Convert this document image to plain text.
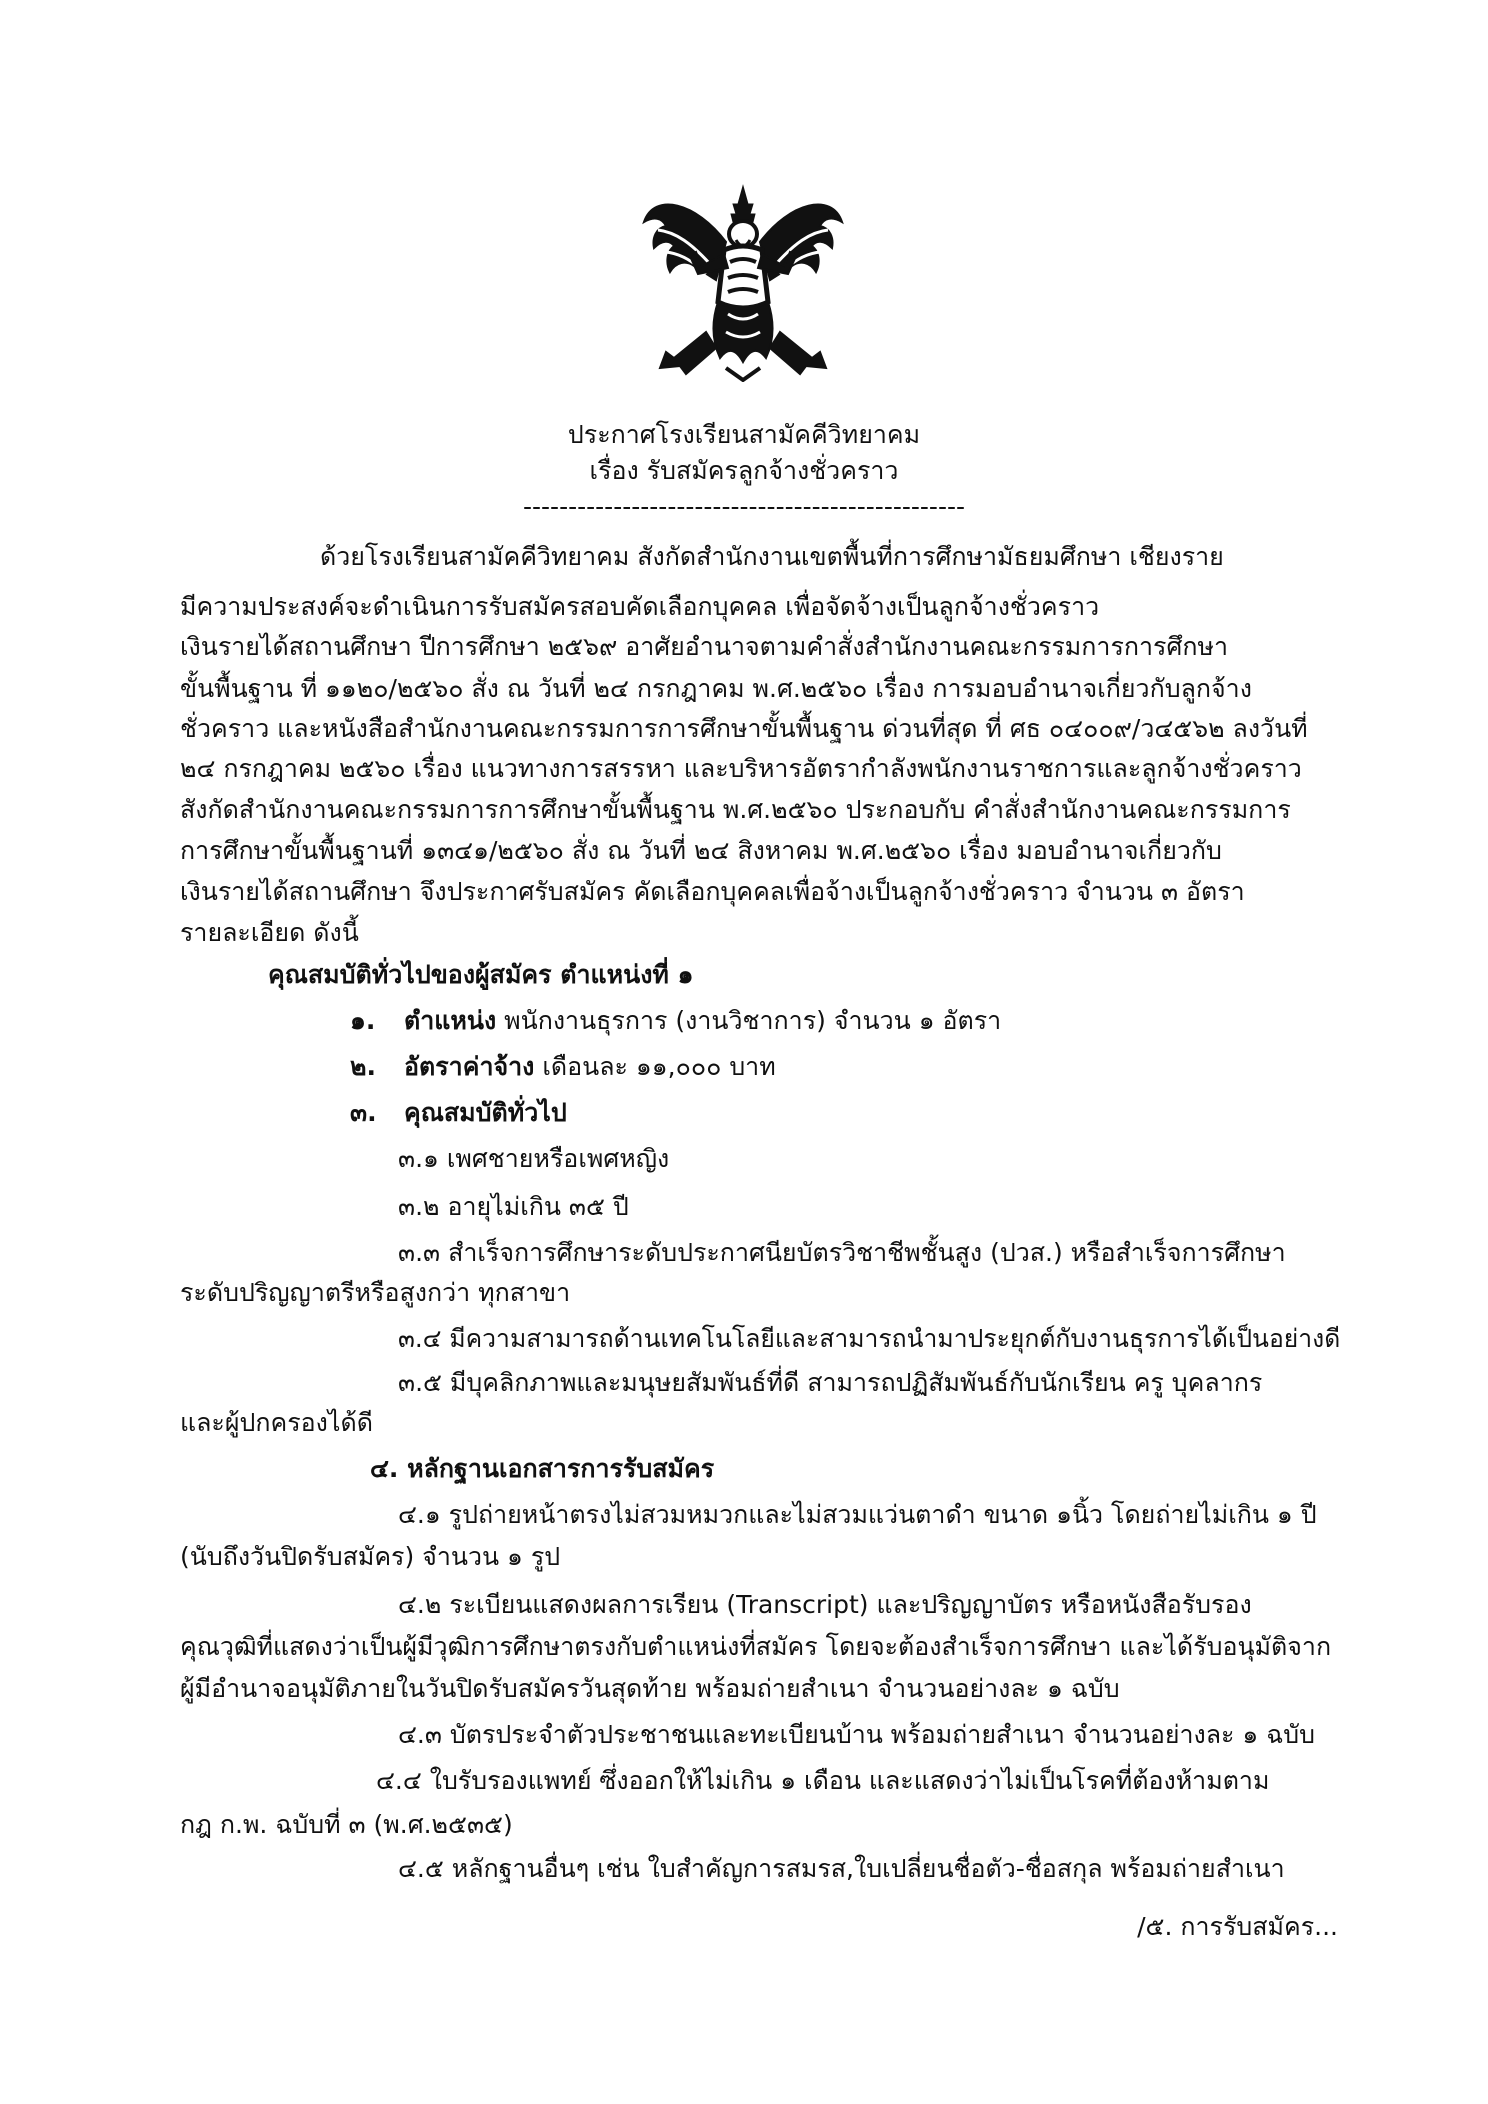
ประกาศโรงเรียนสามัคคีวิทยาคม
เรื่อง รับสมัครลูกจ้างชั่วคราว
-------------------------------------------------
ด้วยโรงเรียนสามัคคีวิทยาคม สังกัดสำนักงานเขตพื้นที่การศึกษามัธยมศึกษา เชียงราย
มีความประสงค์จะดำเนินการรับสมัครสอบคัดเลือกบุคคล เพื่อจัดจ้างเป็นลูกจ้างชั่วคราว
เงินรายได้สถานศึกษา ปีการศึกษา ๒๕๖๙ อาศัยอำนาจตามคำสั่งสำนักงานคณะกรรมการการศึกษา
ขั้นพื้นฐาน ที่ ๑๑๒๐/๒๕๖๐ สั่ง ณ วันที่ ๒๔ กรกฎาคม พ.ศ.๒๕๖๐ เรื่อง การมอบอำนาจเกี่ยวกับลูกจ้าง
ชั่วคราว และหนังสือสำนักงานคณะกรรมการการศึกษาขั้นพื้นฐาน ด่วนที่สุด ที่ ศธ ๐๔๐๐๙/ว๔๕๖๒ ลงวันที่
๒๔ กรกฎาคม ๒๕๖๐ เรื่อง แนวทางการสรรหา และบริหารอัตรากำลังพนักงานราชการและลูกจ้างชั่วคราว
สังกัดสำนักงานคณะกรรมการการศึกษาขั้นพื้นฐาน พ.ศ.๒๕๖๐ ประกอบกับ คำสั่งสำนักงานคณะกรรมการ
การศึกษาขั้นพื้นฐานที่ ๑๓๔๑/๒๕๖๐ สั่ง ณ วันที่ ๒๔ สิงหาคม พ.ศ.๒๕๖๐ เรื่อง มอบอำนาจเกี่ยวกับ
เงินรายได้สถานศึกษา จึงประกาศรับสมัคร คัดเลือกบุคคลเพื่อจ้างเป็นลูกจ้างชั่วคราว จำนวน ๓ อัตรา
รายละเอียด ดังนี้
คุณสมบัติทั่วไปของผู้สมัคร ตำแหน่งที่ ๑
๑. ตำแหน่ง พนักงานธุรการ (งานวิชาการ) จำนวน ๑ อัตรา
๒. อัตราค่าจ้าง เดือนละ ๑๑,๐๐๐ บาท
๓. คุณสมบัติทั่วไป
๓.๑ เพศชายหรือเพศหญิง
๓.๒ อายุไม่เกิน ๓๕ ปี
๓.๓ สำเร็จการศึกษาระดับประกาศนียบัตรวิชาชีพชั้นสูง (ปวส.) หรือสำเร็จการศึกษา
ระดับปริญญาตรีหรือสูงกว่า ทุกสาขา
๓.๔ มีความสามารถด้านเทคโนโลยีและสามารถนำมาประยุกต์กับงานธุรการได้เป็นอย่างดี
๓.๕ มีบุคลิกภาพและมนุษยสัมพันธ์ที่ดี สามารถปฏิสัมพันธ์กับนักเรียน ครู บุคลากร
และผู้ปกครองได้ดี
๔. หลักฐานเอกสารการรับสมัคร
๔.๑ รูปถ่ายหน้าตรงไม่สวมหมวกและไม่สวมแว่นตาดำ ขนาด ๑นิ้ว โดยถ่ายไม่เกิน ๑ ปี
(นับถึงวันปิดรับสมัคร) จำนวน ๑ รูป
๔.๒ ระเบียนแสดงผลการเรียน (Transcript) และปริญญาบัตร หรือหนังสือรับรอง
คุณวุฒิที่แสดงว่าเป็นผู้มีวุฒิการศึกษาตรงกับตำแหน่งที่สมัคร โดยจะต้องสำเร็จการศึกษา และได้รับอนุมัติจาก
ผู้มีอำนาจอนุมัติภายในวันปิดรับสมัครวันสุดท้าย พร้อมถ่ายสำเนา จำนวนอย่างละ ๑ ฉบับ
๔.๓ บัตรประจำตัวประชาชนและทะเบียนบ้าน พร้อมถ่ายสำเนา จำนวนอย่างละ ๑ ฉบับ
๔.๔ ใบรับรองแพทย์ ซึ่งออกให้ไม่เกิน ๑ เดือน และแสดงว่าไม่เป็นโรคที่ต้องห้ามตาม
กฎ ก.พ. ฉบับที่ ๓ (พ.ศ.๒๕๓๕)
๔.๕ หลักฐานอื่นๆ เช่น ใบสำคัญการสมรส,ใบเปลี่ยนชื่อตัว-ชื่อสกุล พร้อมถ่ายสำเนา
/๕. การรับสมัคร...
